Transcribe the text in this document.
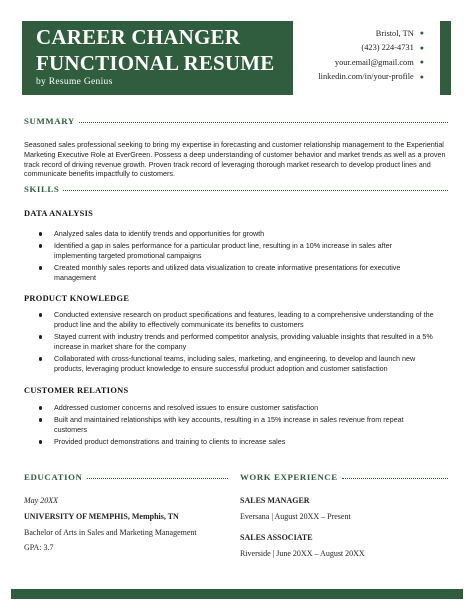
CAREER CHANGER
FUNCTIONAL RESUME
by Resume Genius
Bristol, TN ●
(423) 224-4731 ●
your.email@gmail.com ●
linkedin.com/in/your-profile ●
SUMMARY
Seasoned sales professional seeking to bring my expertise in forecasting and customer relationship management to the Experiential Marketing Executive Role at EverGreen. Possess a deep understanding of customer behavior and market trends as well as a proven track record of driving revenue growth. Proven track record of leveraging thorough market research to develop product lines and communicate benefits impactfully to customers.
SKILLS
DATA ANALYSIS
Analyzed sales data to identify trends and opportunities for growth
Identified a gap in sales performance for a particular product line, resulting in a 10% increase in sales after implementing targeted promotional campaigns
Created monthly sales reports and utilized data visualization to create informative presentations for executive management
PRODUCT KNOWLEDGE
Conducted extensive research on product specifications and features, leading to a comprehensive understanding of the product line and the ability to effectively communicate its benefits to customers
Stayed current with industry trends and performed competitor analysis, providing valuable insights that resulted in a 5% increase in market share for the company
Collaborated with cross-functional teams, including sales, marketing, and engineering, to develop and launch new products, leveraging product knowledge to ensure successful product adoption and customer satisfaction
CUSTOMER RELATIONS
Addressed customer concerns and resolved issues to ensure customer satisfaction
Built and maintained relationships with key accounts, resulting in a 15% increase in sales revenue from repeat customers
Provided product demonstrations and training to clients to increase sales
EDUCATION
May 20XX
UNIVERSITY OF MEMPHIS, Memphis, TN
Bachelor of Arts in Sales and Marketing Management
GPA: 3.7
WORK EXPERIENCE
SALES MANAGER
Eversana | August 20XX – Present
SALES ASSOCIATE
Riverside | June 20XX – August 20XX
